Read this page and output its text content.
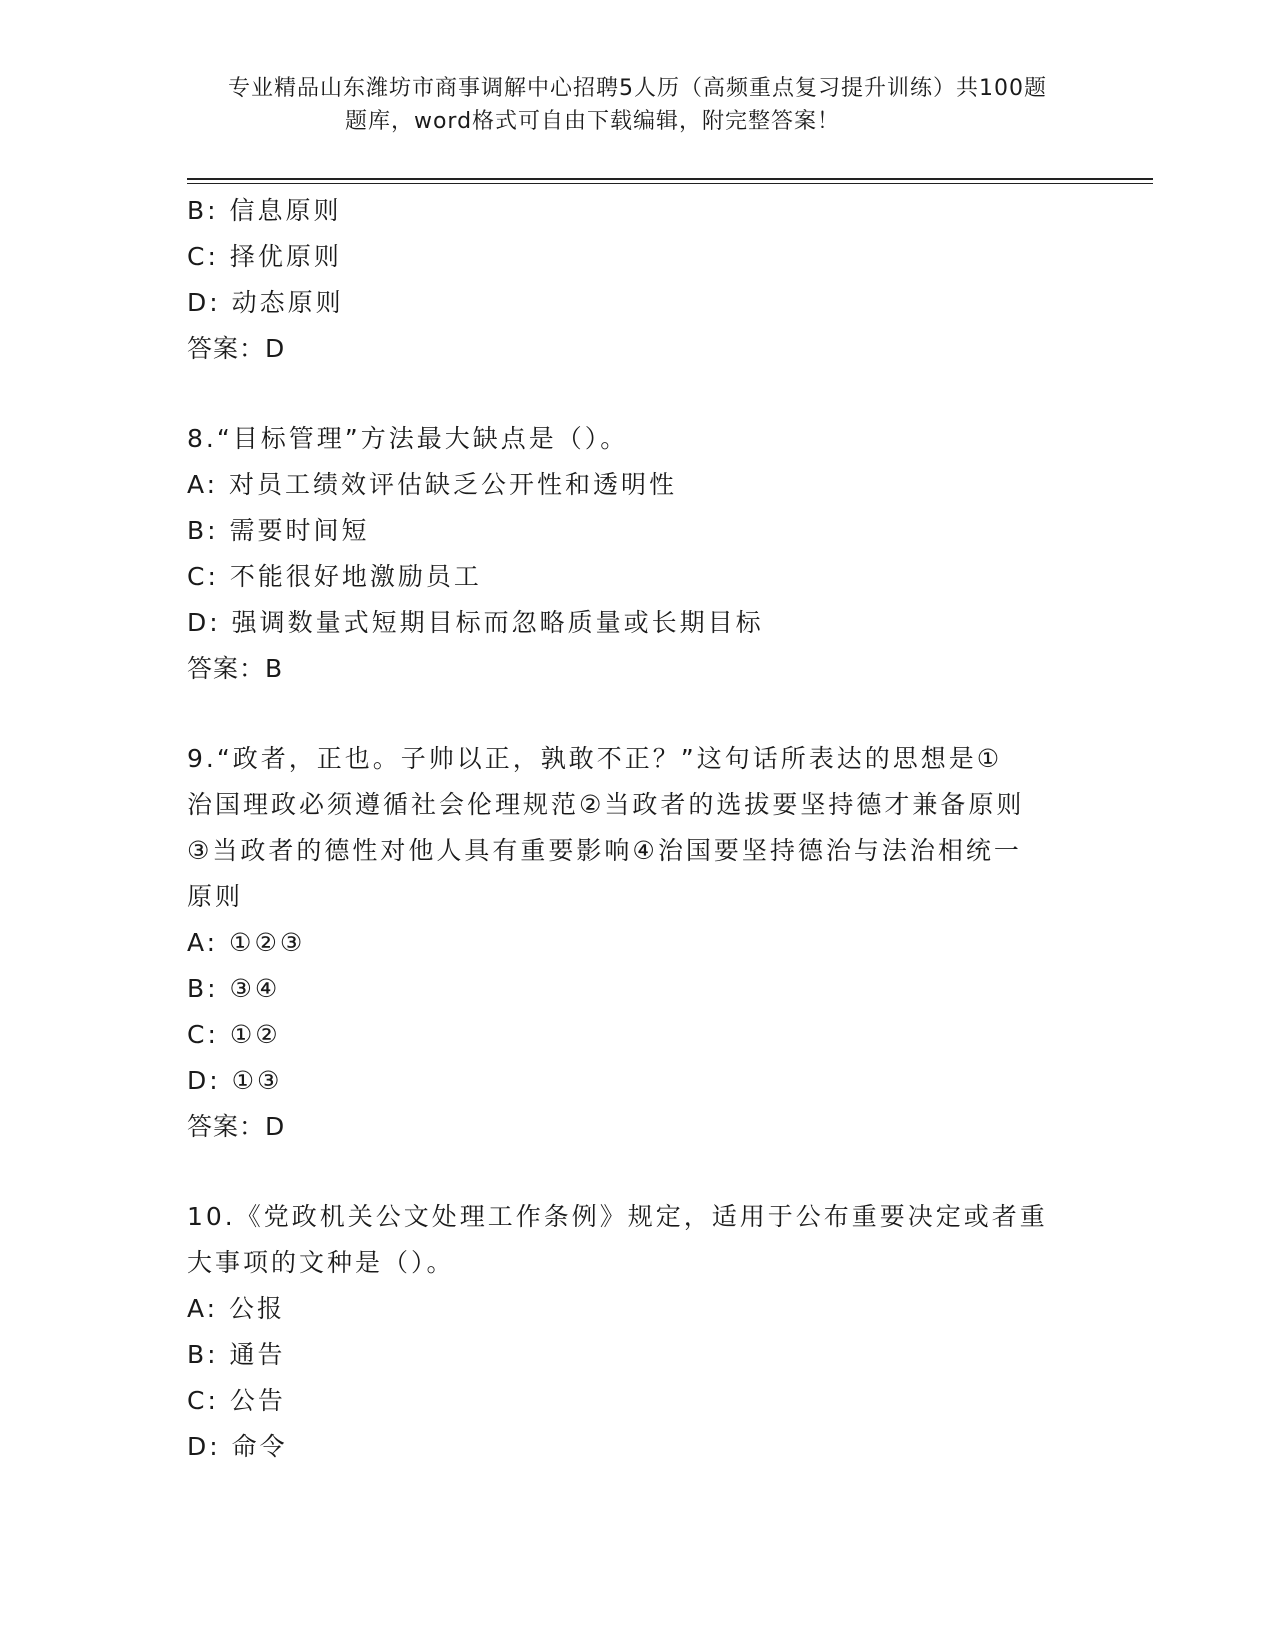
专业精品山东潍坊市商事调解中心招聘5人历（高频重点复习提升训练）共100题
题库，word格式可自由下载编辑，附完整答案！
B: 信息原则
C: 择优原则
D: 动态原则
答案：D
8.“目标管理”方法最大缺点是（）。
A: 对员工绩效评估缺乏公开性和透明性
B: 需要时间短
C: 不能很好地激励员工
D: 强调数量式短期目标而忽略质量或长期目标
答案：B
9.“政者，正也。子帅以正，孰敢不正？”这句话所表达的思想是①
治国理政必须遵循社会伦理规范②当政者的选拔要坚持德才兼备原则
③当政者的德性对他人具有重要影响④治国要坚持德治与法治相统一
原则
A: ①②③
B: ③④
C: ①②
D: ①③
答案：D
10.《党政机关公文处理工作条例》规定，适用于公布重要决定或者重
大事项的文种是（）。
A: 公报
B: 通告
C: 公告
D: 命令
